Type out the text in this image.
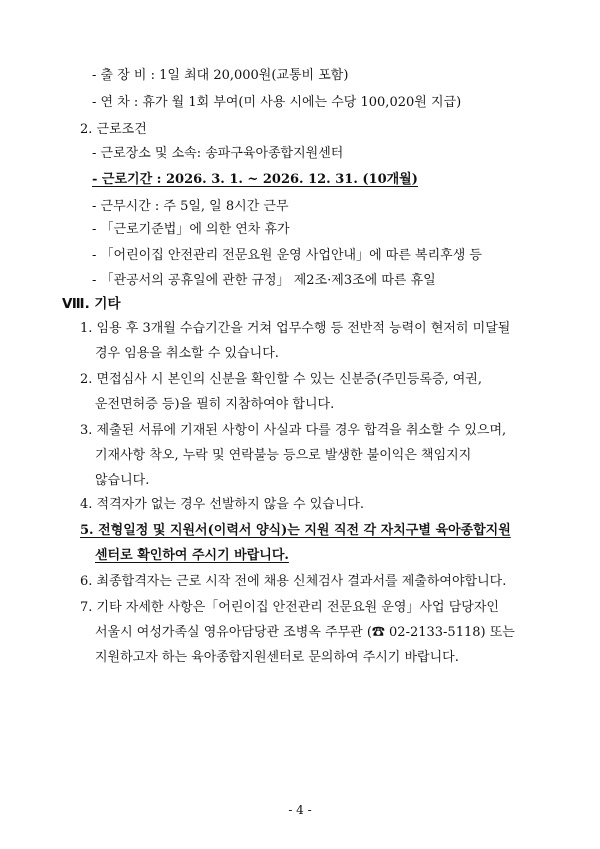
- 출 장 비 : 1일 최대 20,000원(교통비 포함)
- 연 차 : 휴가 월 1회 부여(미 사용 시에는 수당 100,020원 지급)
2. 근로조건
- 근로장소 및 소속: 송파구육아종합지원센터
- 근로기간 : 2026. 3. 1. ~ 2026. 12. 31. (10개월)
- 근무시간 : 주 5일, 일 8시간 근무
- 「근로기준법」에 의한 연차 휴가
- 「어린이집 안전관리 전문요원 운영 사업안내」에 따른 복리후생 등
- 「관공서의 공휴일에 관한 규정」 제2조·제3조에 따른 휴일
Ⅷ. 기타
1. 임용 후 3개월 수습기간을 거쳐 업무수행 등 전반적 능력이 현저히 미달될
경우 임용을 취소할 수 있습니다.
2. 면접심사 시 본인의 신분을 확인할 수 있는 신분증(주민등록증, 여권,
운전면허증 등)을 필히 지참하여야 합니다.
3. 제출된 서류에 기재된 사항이 사실과 다를 경우 합격을 취소할 수 있으며,
기재사항 착오, 누락 및 연락불능 등으로 발생한 불이익은 책임지지
않습니다.
4. 적격자가 없는 경우 선발하지 않을 수 있습니다.
5. 전형일정 및 지원서(이력서 양식)는 지원 직전 각 자치구별 육아종합지원
센터로 확인하여 주시기 바랍니다.
6. 최종합격자는 근로 시작 전에 채용 신체검사 결과서를 제출하여야합니다.
7. 기타 자세한 사항은「어린이집 안전관리 전문요원 운영」사업 담당자인
서울시 여성가족실 영유아담당관 조병옥 주무관 (☎ 02-2133-5118) 또는
지원하고자 하는 육아종합지원센터로 문의하여 주시기 바랍니다.
- 4 -
